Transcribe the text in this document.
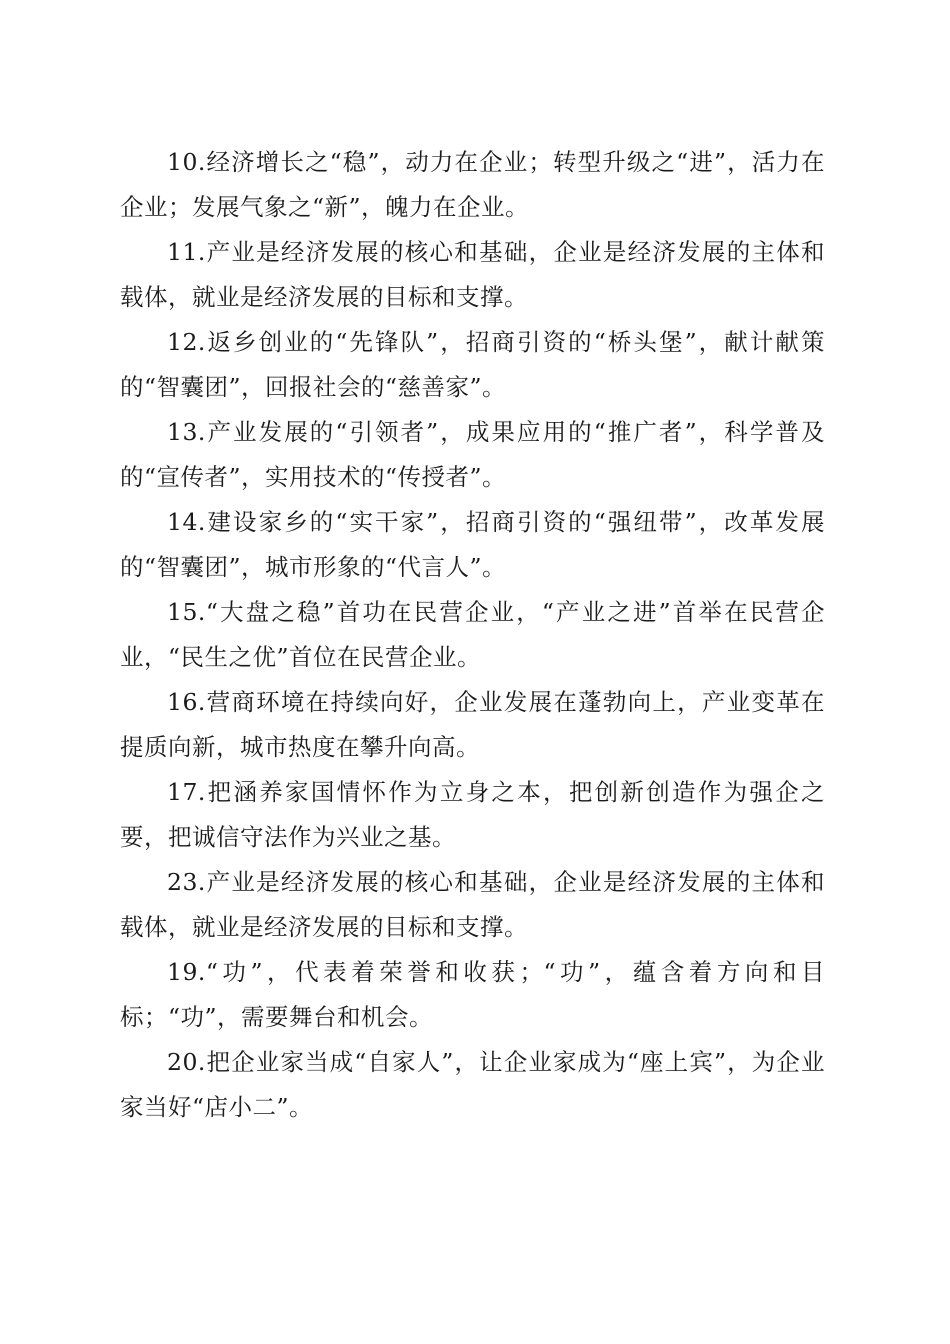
10.经济增长之“稳”，动力在企业；转型升级之“进”，活力在企业；发展气象之“新”，魄力在企业。

11.产业是经济发展的核心和基础，企业是经济发展的主体和载体，就业是经济发展的目标和支撑。

12.返乡创业的“先锋队”，招商引资的“桥头堡”，献计献策的“智囊团”，回报社会的“慈善家”。

13.产业发展的“引领者”，成果应用的“推广者”，科学普及的“宣传者”，实用技术的“传授者”。

14.建设家乡的“实干家”，招商引资的“强纽带”，改革发展的“智囊团”，城市形象的“代言人”。

15.“大盘之稳”首功在民营企业，“产业之进”首举在民营企业，“民生之优”首位在民营企业。

16.营商环境在持续向好，企业发展在蓬勃向上，产业变革在提质向新，城市热度在攀升向高。

17.把涵养家国情怀作为立身之本，把创新创造作为强企之要，把诚信守法作为兴业之基。

23.产业是经济发展的核心和基础，企业是经济发展的主体和载体，就业是经济发展的目标和支撑。

19.“功”，代表着荣誉和收获；“功”，蕴含着方向和目标；“功”，需要舞台和机会。

20.把企业家当成“自家人”，让企业家成为“座上宾”，为企业家当好“店小二”。
